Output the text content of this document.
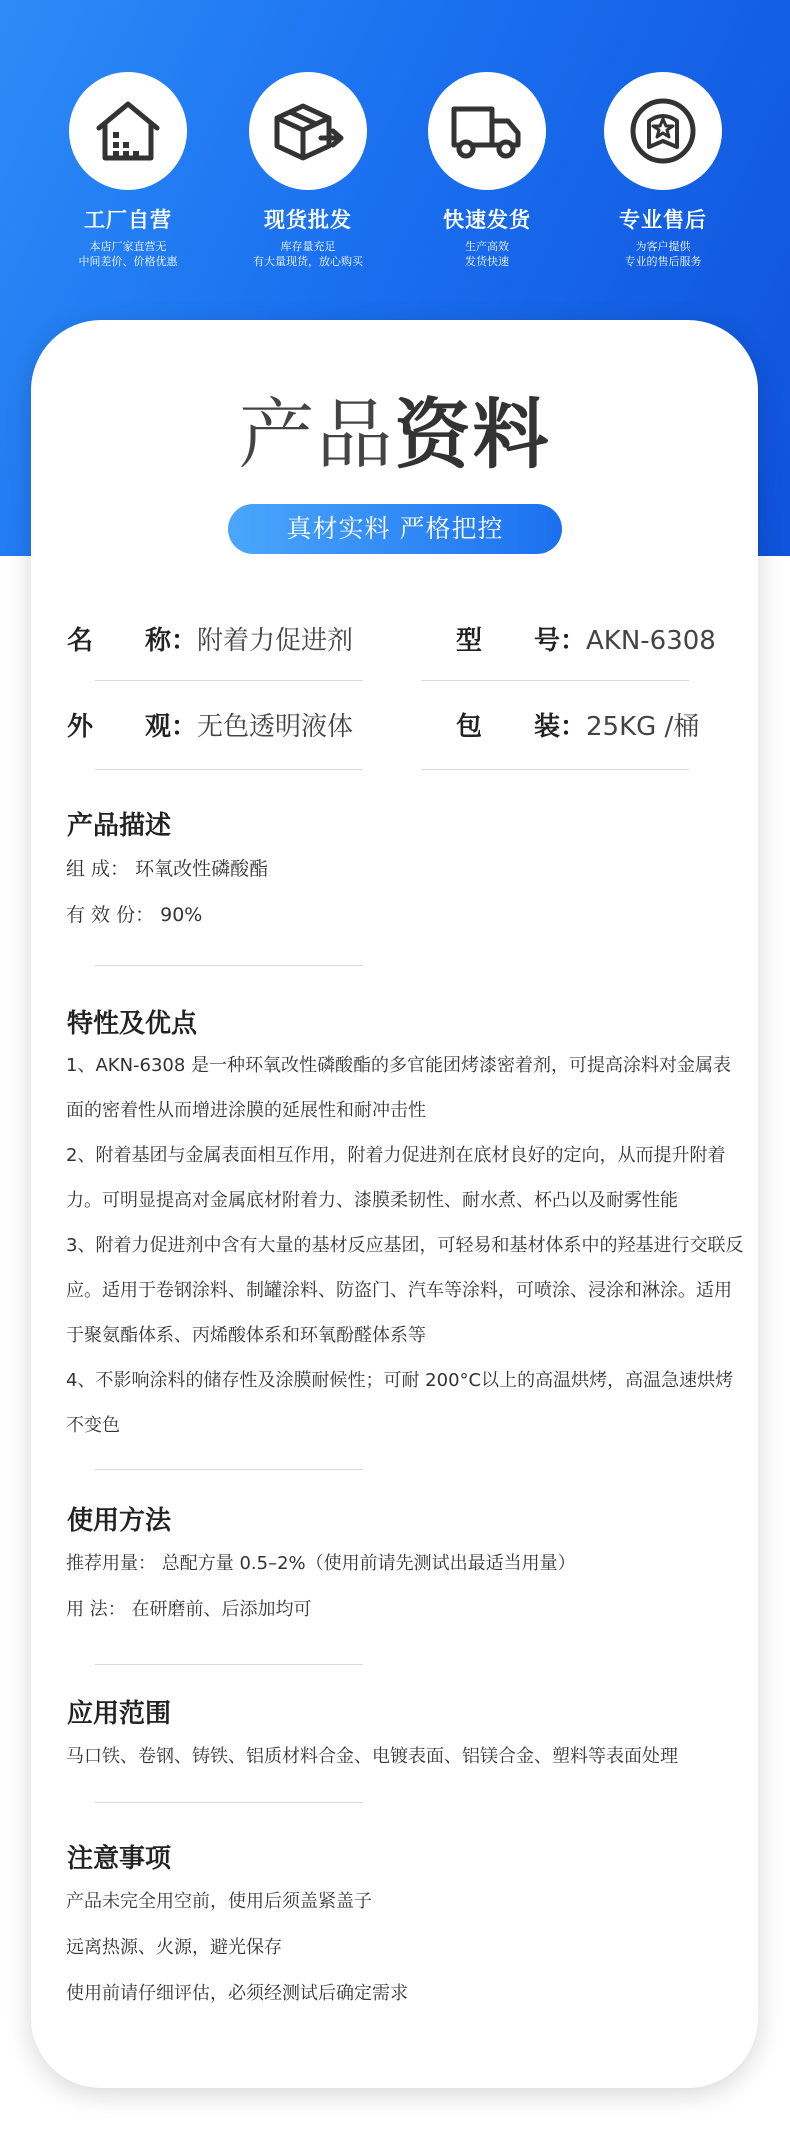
工厂自营
本店厂家直营无
中间差价、价格优惠
现货批发
库存量充足
有大量现货，放心购买
快速发货
生产高效
发货快速
专业售后
为客户提供
专业的售后服务
产品资料
真材实料 严格把控
名　　称：附着力促进剂	型　　号：AKN-6308
外　　观：无色透明液体	包　　装：25KG /桶
产品描述
组 成： 环氧改性磷酸酯
有 效 份： 90%
特性及优点

1、AKN-6308 是一种环氧改性磷酸酯的多官能团烤漆密着剂，可提高涂料对金属表面的密着性从而增进涂膜的延展性和耐冲击性

2、附着基团与金属表面相互作用，附着力促进剂在底材良好的定向，从而提升附着力。可明显提高对金属底材附着力、漆膜柔韧性、耐水煮、杯凸以及耐雾性能

3、附着力促进剂中含有大量的基材反应基团，可轻易和基材体系中的羟基进行交联反应。适用于卷钢涂料、制罐涂料、防盗门、汽车等涂料，可喷涂、浸涂和淋涂。适用于聚氨酯体系、丙烯酸体系和环氧酚醛体系等

4、不影响涂料的储存性及涂膜耐候性；可耐 200°C以上的高温烘烤，高温急速烘烤不变色

使用方法
推荐用量： 总配方量 0.5–2%（使用前请先测试出最适当用量）
用 法： 在研磨前、后添加均可
应用范围
马口铁、卷钢、铸铁、铝质材料合金、电镀表面、铝镁合金、塑料等表面处理
注意事项
产品未完全用空前，使用后须盖紧盖子
远离热源、火源，避光保存
使用前请仔细评估，必须经测试后确定需求
